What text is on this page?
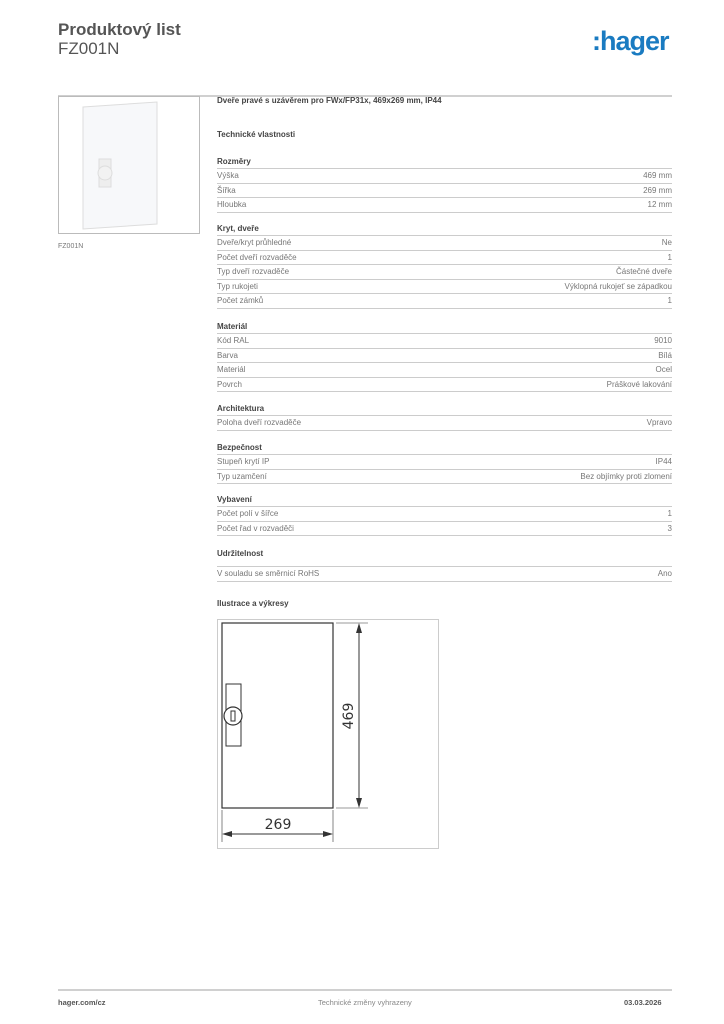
Produktový list
FZ001N	:hager
FZ001N
Dveře pravé s uzávěrem pro FWx/FP31x, 469x269 mm, IP44
Technické vlastnosti
Rozměry
Výška	469 mm
Šířka	269 mm
Hloubka	12 mm
Kryt, dveře
Dveře/kryt průhledné	Ne
Počet dveří rozvaděče	1
Typ dveří rozvaděče	Částečné dveře
Typ rukojeti	Výklopná rukojeť se západkou
Počet zámků	1
Materiál
Kód RAL	9010
Barva	Bílá
Materiál	Ocel
Povrch	Práškové lakování
Architektura
Poloha dveří rozvaděče	Vpravo
Bezpečnost
Stupeň krytí IP	IP44
Typ uzamčení	Bez objímky proti zlomení
Vybavení
Počet polí v šířce	1
Počet řad v rozvaděči	3
Udržitelnost
V souladu se směrnicí RoHS	Ano
Ilustrace a výkresy
469
269
hager.com/cz	Technické změny vyhrazeny	03.03.2026
